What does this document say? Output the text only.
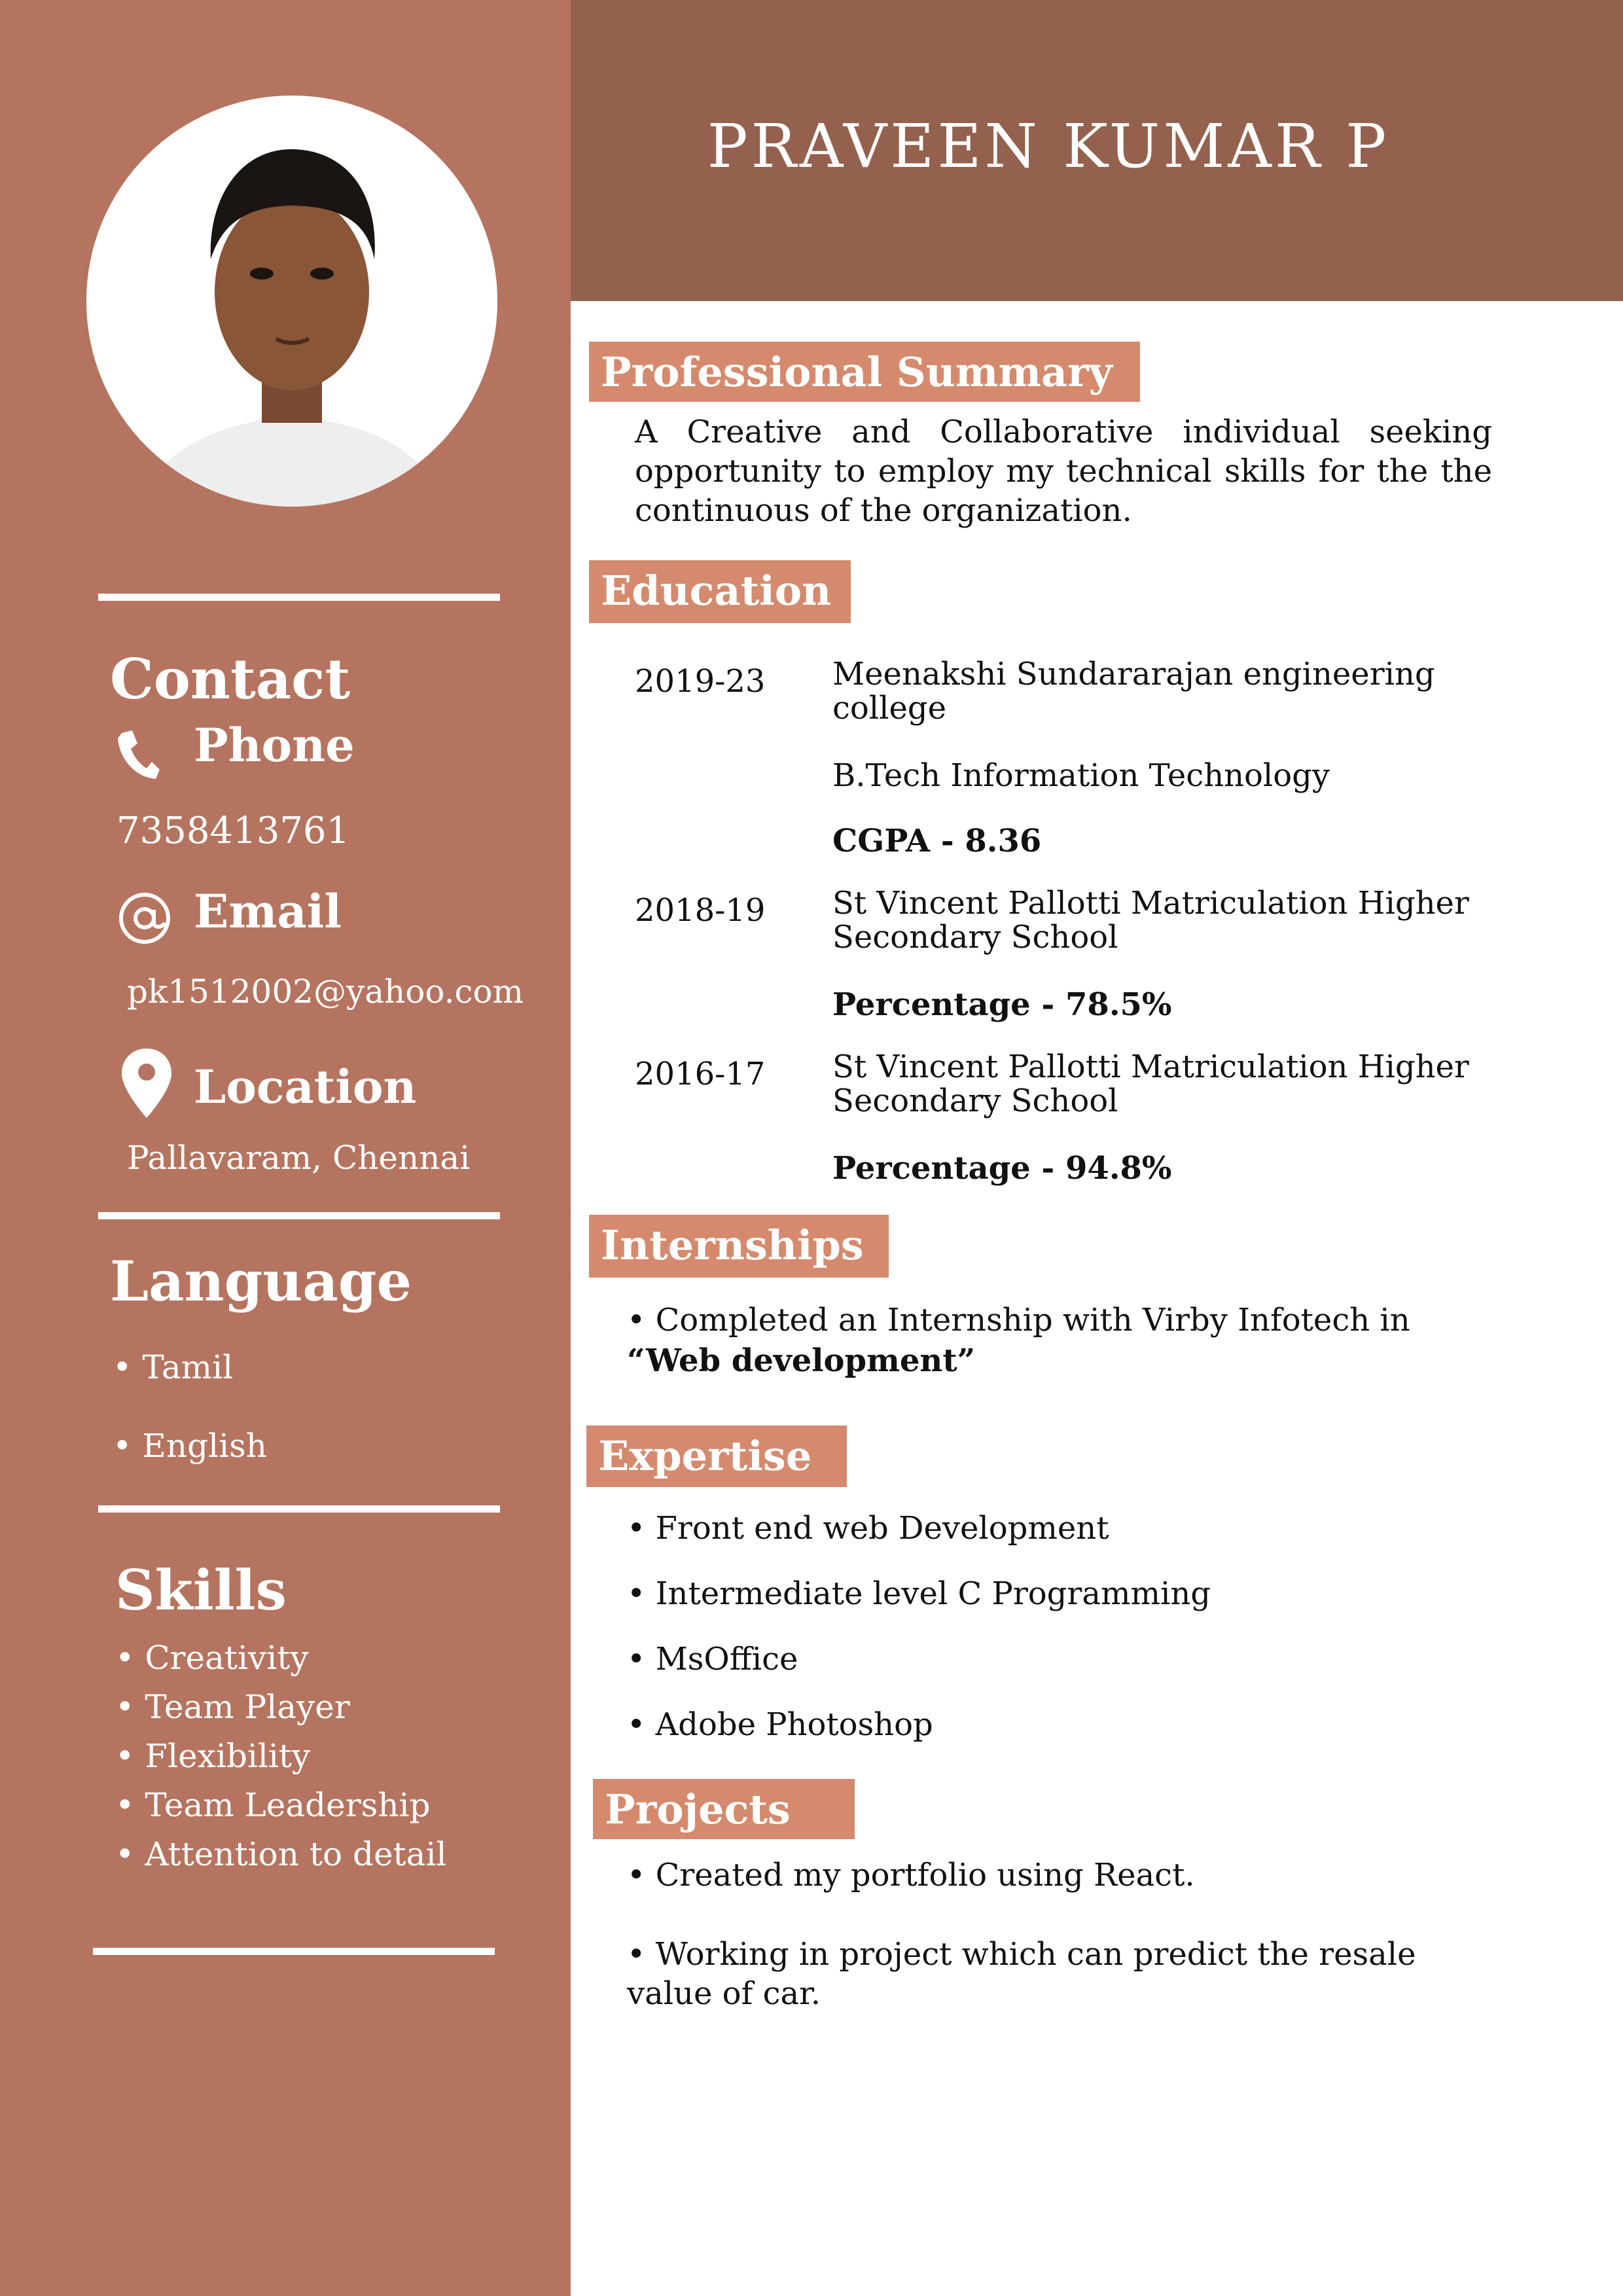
PRAVEEN KUMAR P
Contact
Phone
7358413761
Email
pk1512002@yahoo.com
Location
Pallavaram, Chennai
Language
• Tamil
• English
Skills
• Creativity
• Team Player
• Flexibility
• Team Leadership
• Attention to detail
Professional Summary
A Creative and Collaborative individual seeking opportunity to employ my technical skills for the the continuous of the organization.
Education
2019-23 Meenakshi Sundararajan engineering college
B.Tech Information Technology
CGPA - 8.36
2018-19 St Vincent Pallotti Matriculation Higher Secondary School
Percentage - 78.5%
2016-17 St Vincent Pallotti Matriculation Higher Secondary School
Percentage - 94.8%
Internships
• Completed an Internship with Virby Infotech in
“Web development”
Expertise
• Front end web Development
• Intermediate level C Programming
• MsOffice
• Adobe Photoshop
Projects
• Created my portfolio using React.
• Working in project which can predict the resale value of car.
